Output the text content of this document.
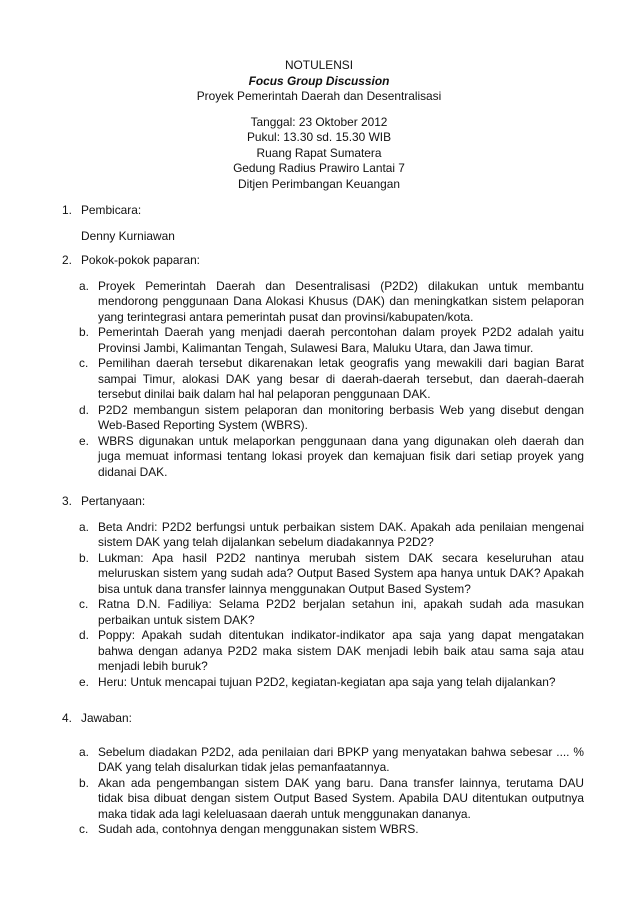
NOTULENSI
Focus Group Discussion
Proyek Pemerintah Daerah dan Desentralisasi
Tanggal: 23 Oktober 2012
Pukul: 13.30 sd. 15.30 WIB
Ruang Rapat Sumatera
Gedung Radius Prawiro Lantai 7
Ditjen Perimbangan Keuangan
1. Pembicara:
Denny Kurniawan
2. Pokok-pokok paparan:
a. Proyek Pemerintah Daerah dan Desentralisasi (P2D2) dilakukan untuk membantu mendorong penggunaan Dana Alokasi Khusus (DAK) dan meningkatkan sistem pelaporan yang terintegrasi antara pemerintah pusat dan provinsi/kabupaten/kota.
b. Pemerintah Daerah yang menjadi daerah percontohan dalam proyek P2D2 adalah yaitu Provinsi Jambi, Kalimantan Tengah, Sulawesi Bara, Maluku Utara, dan Jawa timur.
c. Pemilihan daerah tersebut dikarenakan letak geografis yang mewakili dari bagian Barat sampai Timur, alokasi DAK yang besar di daerah-daerah tersebut, dan daerah-daerah tersebut dinilai baik dalam hal hal pelaporan penggunaan DAK.
d. P2D2 membangun sistem pelaporan dan monitoring berbasis Web yang disebut dengan Web-Based Reporting System (WBRS).
e. WBRS digunakan untuk melaporkan penggunaan dana yang digunakan oleh daerah dan juga memuat informasi tentang lokasi proyek dan kemajuan fisik dari setiap proyek yang didanai DAK.
3. Pertanyaan:
a. Beta Andri: P2D2 berfungsi untuk perbaikan sistem DAK. Apakah ada penilaian mengenai sistem DAK yang telah dijalankan sebelum diadakannya P2D2?
b. Lukman: Apa hasil P2D2 nantinya merubah sistem DAK secara keseluruhan atau meluruskan sistem yang sudah ada? Output Based System apa hanya untuk DAK? Apakah bisa untuk dana transfer lainnya menggunakan Output Based System?
c. Ratna D.N. Fadiliya: Selama P2D2 berjalan setahun ini, apakah sudah ada masukan perbaikan untuk sistem DAK?
d. Poppy: Apakah sudah ditentukan indikator-indikator apa saja yang dapat mengatakan bahwa dengan adanya P2D2 maka sistem DAK menjadi lebih baik atau sama saja atau menjadi lebih buruk?
e. Heru: Untuk mencapai tujuan P2D2, kegiatan-kegiatan apa saja yang telah dijalankan?
4. Jawaban:
a. Sebelum diadakan P2D2, ada penilaian dari BPKP yang menyatakan bahwa sebesar .... % DAK yang telah disalurkan tidak jelas pemanfaatannya.
b. Akan ada pengembangan sistem DAK yang baru. Dana transfer lainnya, terutama DAU tidak bisa dibuat dengan sistem Output Based System. Apabila DAU ditentukan outputnya maka tidak ada lagi keleluasaan daerah untuk menggunakan dananya.
c. Sudah ada, contohnya dengan menggunakan sistem WBRS.
